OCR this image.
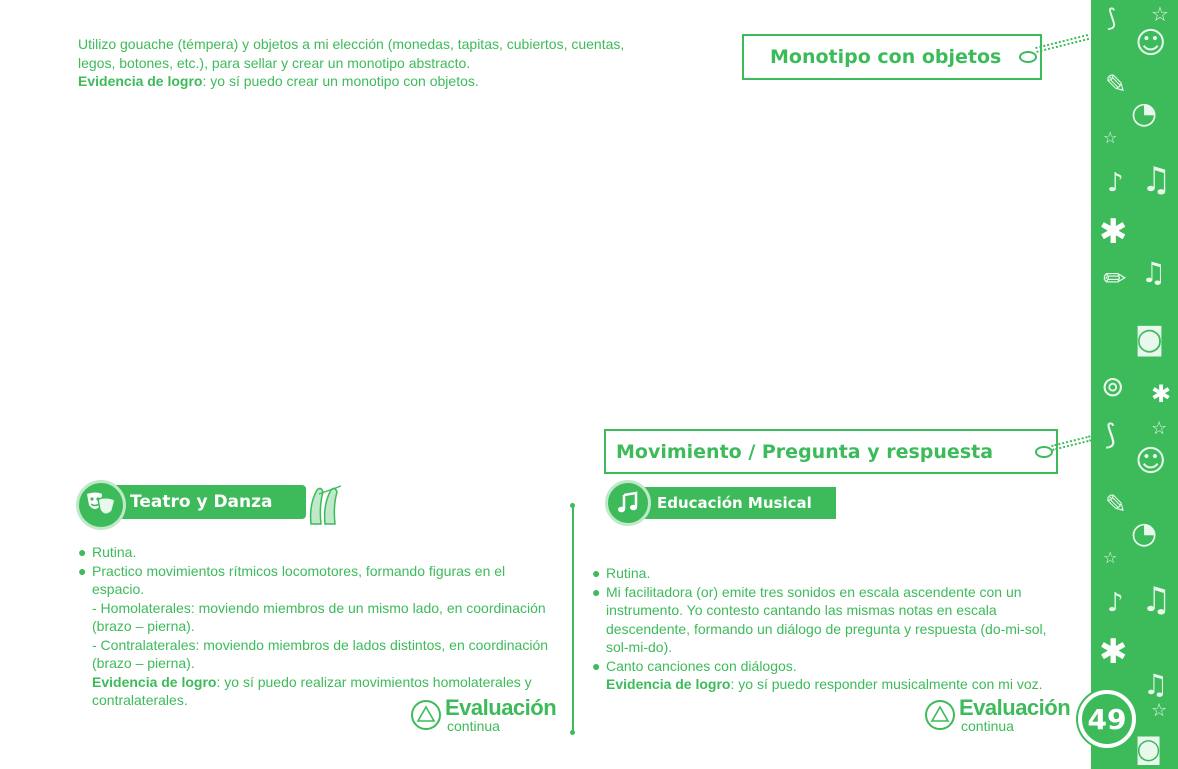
Utilizo gouache (témpera) y objetos a mi elección (monedas, tapitas, cubiertos, cuentas,
legos, botones, etc.), para sellar y crear un monotipo abstracto.
Evidencia de logro: yo sí puedo crear un monotipo con objetos.
Monotipo con objetos
Teatro y Danza
● Rutina.
● Practico movimientos rítmicos locomotores, formando figuras en el espacio.
- Homolaterales: moviendo miembros de un mismo lado, en coordinación (brazo – pierna).
- Contralaterales: moviendo miembros de lados distintos, en coordinación (brazo – pierna).
Evidencia de logro: yo sí puedo realizar movimientos homolaterales y contralaterales.	Evaluación
continua
Movimiento / Pregunta y respuesta
Educación Musical
● Rutina.
● Mi facilitadora (or) emite tres sonidos en escala ascendente con un instrumento. Yo contesto cantando las mismas notas en escala descendente, formando un diálogo de pregunta y respuesta (do-mi-sol, sol-mi-do).
● Canto canciones con diálogos.
Evidencia de logro: yo sí puedo responder musicalmente con mi voz.
Evaluación
continua
⟆ ☆
☺
✎
◔
☆
♪ ♫
✱
✏ ♫
◙
⊚ ✱
⟆ ☆
☺
✎
◔
☆
♪ ♫
✱
♫
☆
◙
49
